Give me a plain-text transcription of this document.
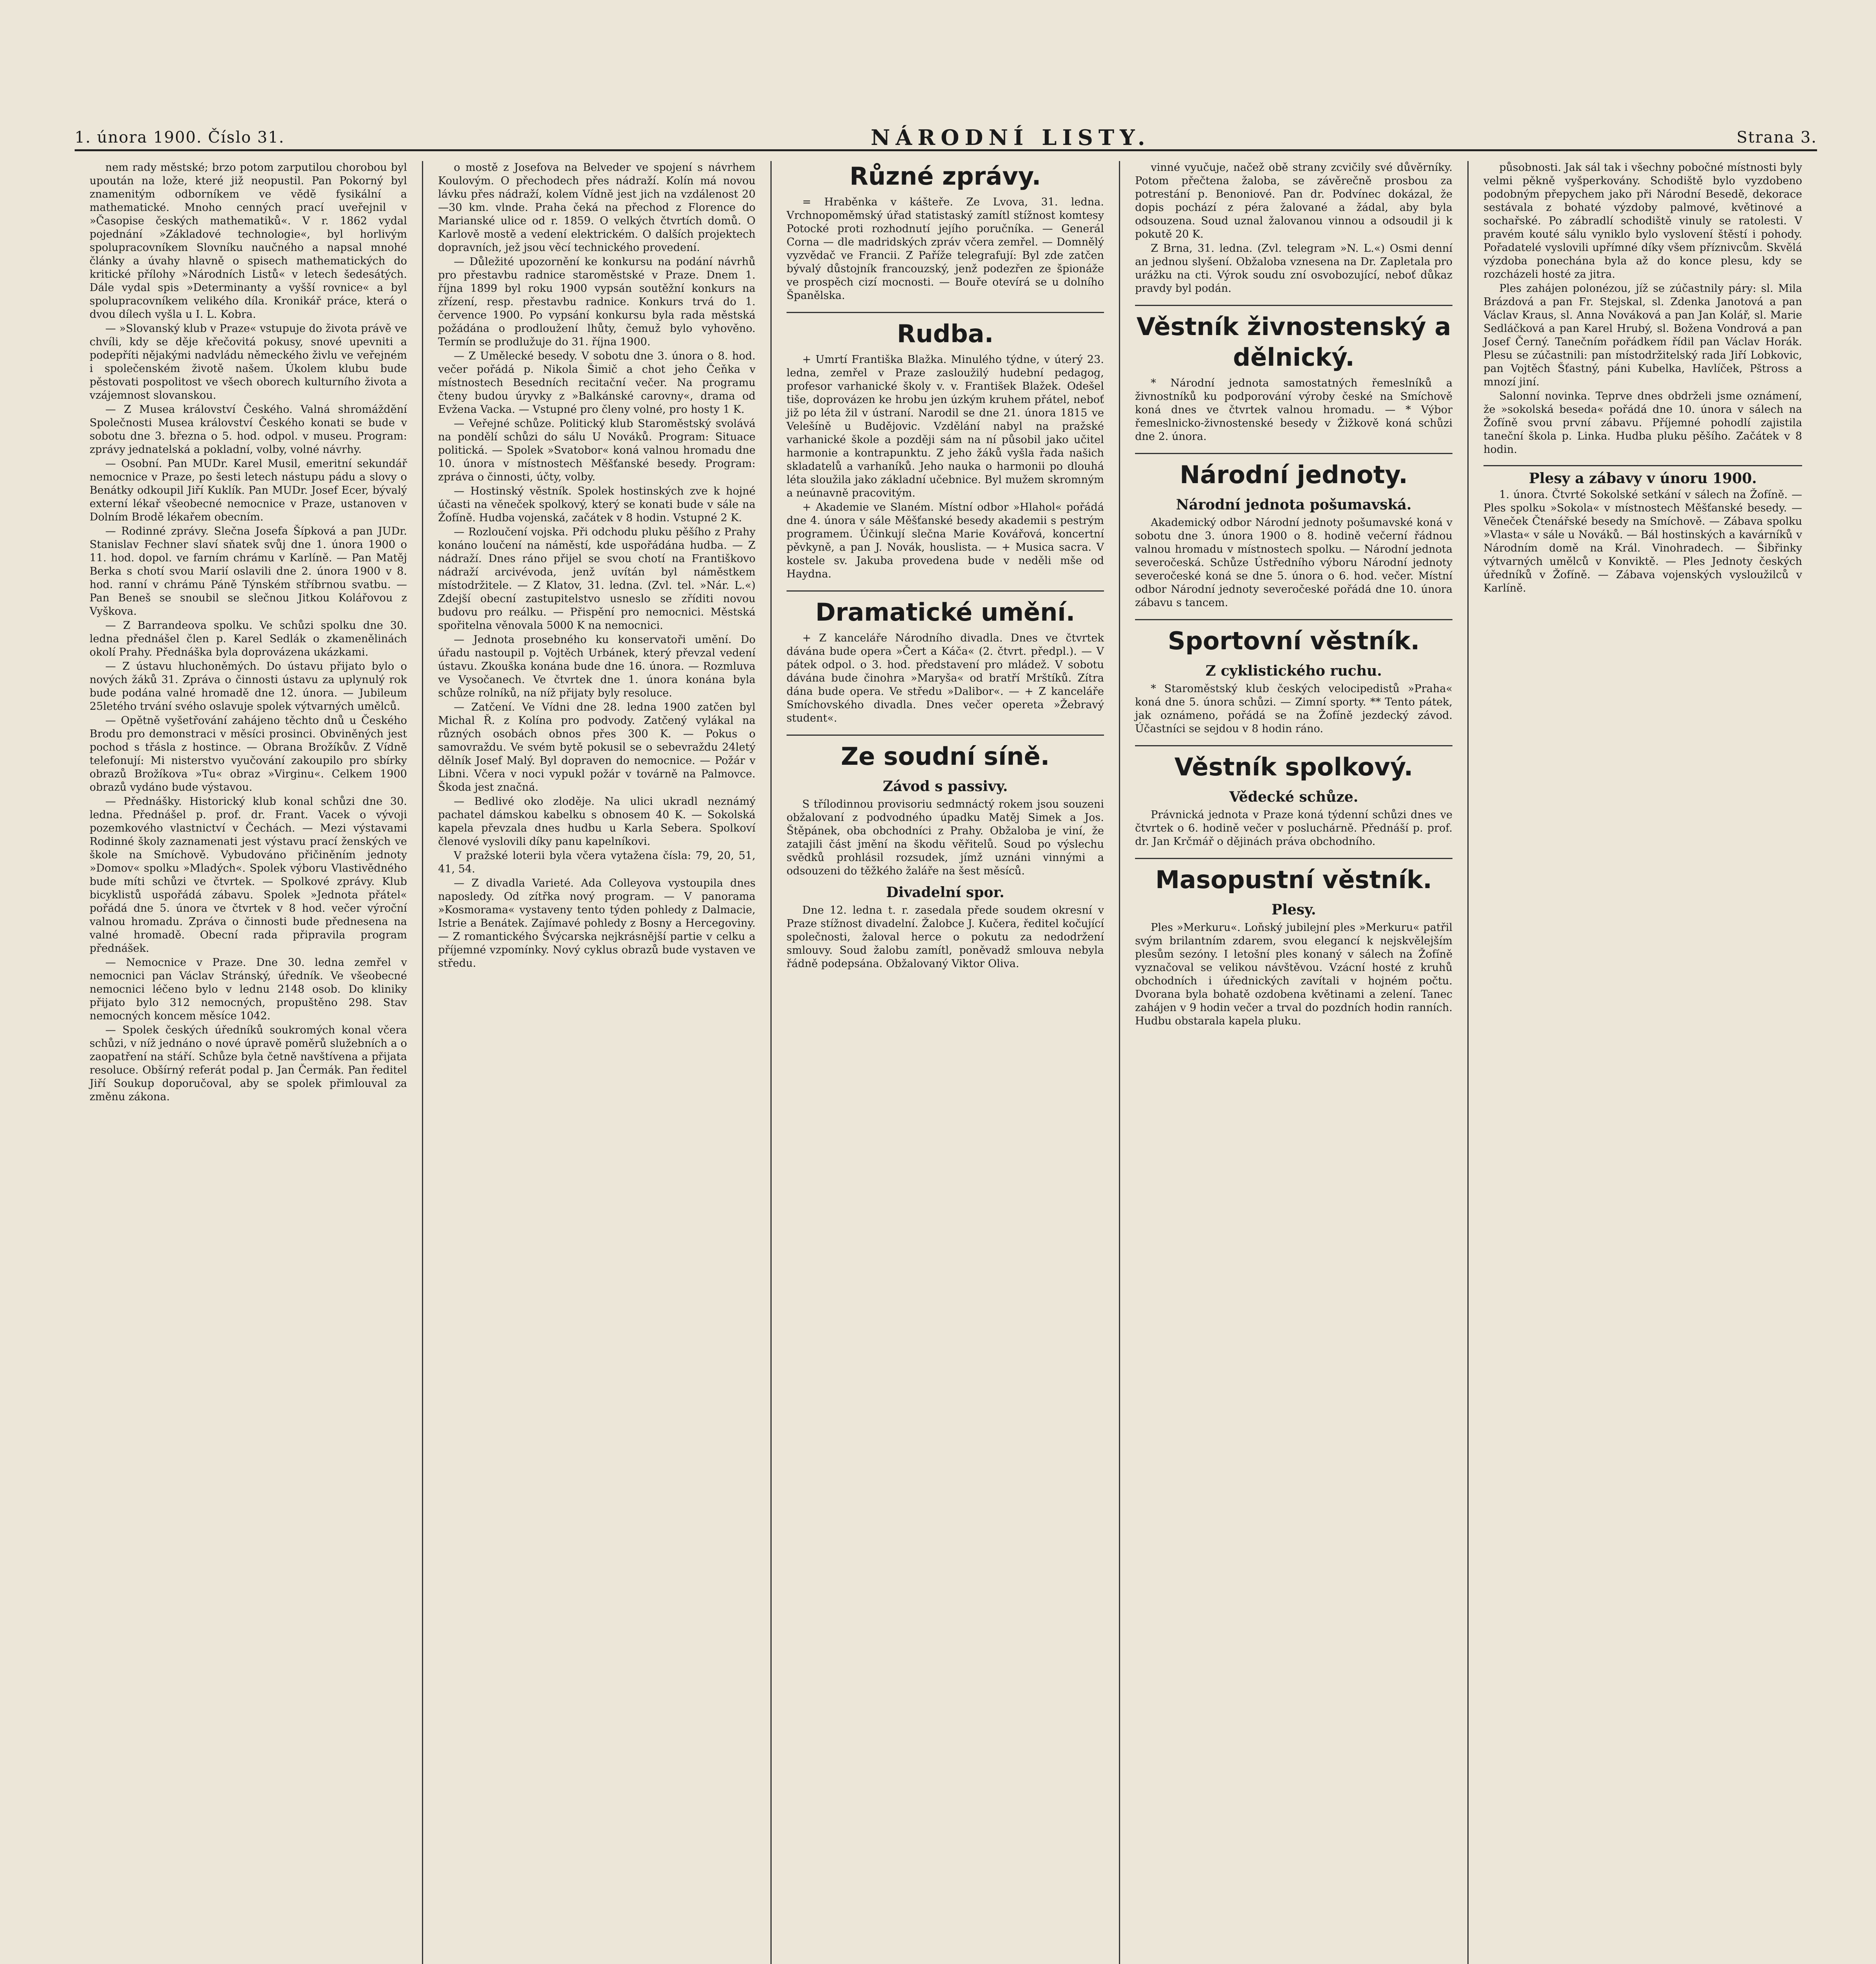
1. února 1900. Číslo 31.	NÁRODNÍ LISTY.	Strana 3.

nem rady městské; brzo potom zarputilou chorobou byl upoután na lože, které již neopustil. Pan Pokorný byl znamenitým odborníkem ve vědě fysikální a mathematické. Mnoho cenných prací uveřejnil v »Časopise českých mathematiků«. V r. 1862 vydal pojednání »Základové technologie«, byl horlivým spolupracovníkem Slovníku naučného a napsal mnohé články a úvahy hlavně o spisech mathematických do kritické přílohy »Národních Listů« v letech šedesátých. Dále vydal spis »Determinanty a vyšší rovnice« a byl spolupracovníkem velikého díla. Kronikář práce, která o dvou dílech vyšla u I. L. Kobra.

— »Slovanský klub v Praze« vstupuje do života právě ve chvíli, kdy se děje křečovitá pokusy, snové upevniti a podepříti nějakými nadvládu německého živlu ve veřejném i společenském životě našem. Úkolem klubu bude pěstovati pospolitost ve všech oborech kulturního života a vzájemnost slovanskou.

— Z Musea království Českého. Valná shromáždění Společnosti Musea království Českého konati se bude v sobotu dne 3. března o 5. hod. odpol. v museu. Program: zprávy jednatelská a pokladní, volby, volné návrhy.

— Osobní. Pan MUDr. Karel Musil, emeritní sekundář nemocnice v Praze, po šesti letech nástupu pádu a slovy o Benátky odkoupil Jiří Kuklík. Pan MUDr. Josef Ecer, bývalý externí lékař všeobecné nemocnice v Praze, ustanoven v Dolním Brodě lékařem obecním.

— Rodinné zprávy. Slečna Josefa Šípková a pan JUDr. Stanislav Fechner slaví sňatek svůj dne 1. února 1900 o 11. hod. dopol. ve farním chrámu v Karlíně. — Pan Matěj Berka s chotí svou Marií oslavili dne 2. února 1900 v 8. hod. ranní v chrámu Páně Týnském stříbrnou svatbu. — Pan Beneš se snoubil se slečnou Jitkou Kolářovou z Vyškova.

— Z Barrandeova spolku. Ve schůzi spolku dne 30. ledna přednášel člen p. Karel Sedlák o zkamenělinách okolí Prahy. Přednáška byla doprovázena ukázkami.

— Z ústavu hluchoněmých. Do ústavu přijato bylo o nových žáků 31. Zpráva o činnosti ústavu za uplynulý rok bude podána valné hromadě dne 12. února. — Jubileum 25letého trvání svého oslavuje spolek výtvarných umělců.

— Opětně vyšetřování zahájeno těchto dnů u Českého Brodu pro demonstraci v měsíci prosinci. Obviněných jest pochod s třásla z hostince. — Obrana Brožíkův. Z Vídně telefonují: Mi nisterstvo vyučování zakoupilo pro sbírky obrazů Brožíkova »Tu« obraz »Virginu«. Celkem 1900 obrazů vydáno bude výstavou.

— Přednášky. Historický klub konal schůzi dne 30. ledna. Přednášel p. prof. dr. Frant. Vacek o vývoji pozemkového vlastnictví v Čechách. — Mezi výstavami Rodinné školy zaznamenati jest výstavu prací ženských ve škole na Smíchově. Vybudováno přičiněním jednoty »Domov« spolku »Mladých«. Spolek výboru Vlastivědného bude míti schůzi ve čtvrtek. — Spolkové zprávy. Klub bicyklistů uspořádá zábavu. Spolek »Jednota přátel« pořádá dne 5. února ve čtvrtek v 8 hod. večer výroční valnou hromadu. Zpráva o činnosti bude přednesena na valné hromadě. Obecní rada připravila program přednášek.

— Nemocnice v Praze. Dne 30. ledna zemřel v nemocnici pan Václav Stránský, úředník. Ve všeobecné nemocnici léčeno bylo v lednu 2148 osob. Do kliniky přijato bylo 312 nemocných, propuštěno 298. Stav nemocných koncem měsíce 1042.

— Spolek českých úředníků soukromých konal včera schůzi, v níž jednáno o nové úpravě poměrů služebních a o zaopatření na stáří. Schůze byla četně navštívena a přijata resoluce. Obšírný referát podal p. Jan Čermák. Pan ředitel Jiří Soukup doporučoval, aby se spolek přimlouval za změnu zákona.

o mostě z Josefova na Belveder ve spojení s návrhem Koulovým. O přechodech přes nádraží. Kolín má novou lávku přes nádraží, kolem Vídně jest jich na vzdálenost 20—30 km. vlnde. Praha čeká na přechod z Florence do Marianské ulice od r. 1859. O velkých čtvrtích domů. O Karlově mostě a vedení elektrickém. O dalších projektech dopravních, jež jsou věcí technického provedení.

— Důležité upozornění ke konkursu na podání návrhů pro přestavbu radnice staroměstské v Praze. Dnem 1. října 1899 byl roku 1900 vypsán soutěžní konkurs na zřízení, resp. přestavbu radnice. Konkurs trvá do 1. července 1900. Po vypsání konkursu byla rada městská požádána o prodloužení lhůty, čemuž bylo vyhověno. Termín se prodlužuje do 31. října 1900.

— Z Umělecké besedy. V sobotu dne 3. února o 8. hod. večer pořádá p. Nikola Šimič a chot jeho Čeňka v místnostech Besedních recitační večer. Na programu čteny budou úryvky z »Balkánské carovny«, drama od Evžena Vacka. — Vstupné pro členy volné, pro hosty 1 K.

— Veřejné schůze. Politický klub Staroměstský svolává na pondělí schůzi do sálu U Nováků. Program: Situace politická. — Spolek »Svatobor« koná valnou hromadu dne 10. února v místnostech Měšťanské besedy. Program: zpráva o činnosti, účty, volby.

— Hostinský věstník. Spolek hostinských zve k hojné účasti na věneček spolkový, který se konati bude v sále na Žofíně. Hudba vojenská, začátek v 8 hodin. Vstupné 2 K.

— Rozloučení vojska. Při odchodu pluku pěšího z Prahy konáno loučení na náměstí, kde uspořádána hudba. — Z nádraží. Dnes ráno přijel se svou chotí na Františkovo nádraží arcivévoda, jenž uvítán byl náměstkem místodržitele. — Z Klatov, 31. ledna. (Zvl. tel. »Nár. L.«) Zdejší obecní zastupitelstvo usneslo se zříditi novou budovu pro reálku. — Přispění pro nemocnici. Městská spořitelna věnovala 5000 K na nemocnici.

— Jednota prosebného ku konservatoři umění. Do úřadu nastoupil p. Vojtěch Urbánek, který převzal vedení ústavu. Zkouška konána bude dne 16. února. — Rozmluva ve Vysočanech. Ve čtvrtek dne 1. února konána byla schůze rolníků, na níž přijaty byly resoluce.

— Zatčení. Ve Vídni dne 28. ledna 1900 zatčen byl Michal Ř. z Kolína pro podvody. Zatčený vylákal na různých osobách obnos přes 300 K. — Pokus o samovraždu. Ve svém bytě pokusil se o sebevraždu 24letý dělník Josef Malý. Byl dopraven do nemocnice. — Požár v Libni. Včera v noci vypukl požár v továrně na Palmovce. Škoda jest značná.

— Bedlivé oko zloděje. Na ulici ukradl neznámý pachatel dámskou kabelku s obnosem 40 K. — Sokolská kapela převzala dnes hudbu u Karla Sebera. Spolkoví členové vyslovili díky panu kapelníkovi.

V pražské loterii byla včera vytažena čísla: 79, 20, 51, 41, 54.

— Z divadla Varieté. Ada Colleyova vystoupila dnes naposledy. Od zítřka nový program. — V panorama »Kosmorama« vystaveny tento týden pohledy z Dalmacie, Istrie a Benátek. Zajímavé pohledy z Bosny a Hercegoviny. — Z romantického Švýcarska nejkrásnější partie v celku a příjemné vzpomínky. Nový cyklus obrazů bude vystaven ve středu.

Různé zprávy.

= Hraběnka v kášteře. Ze Lvova, 31. ledna. Vrchnopoměmský úřad statistaský zamítl stížnost komtesy Potocké proti rozhodnutí jejího poručníka. — Generál Corna — dle madridských zpráv včera zemřel. — Domnělý vyzvědač ve Francii. Z Paříže telegrafují: Byl zde zatčen bývalý důstojník francouzský, jenž podezřen ze špionáže ve prospěch cizí mocnosti. — Bouře otevírá se u dolního Španělska.

Rudba.

+ Umrtí Františka Blažka. Minulého týdne, v úterý 23. ledna, zemřel v Praze zasloužilý hudební pedagog, profesor varhanické školy v. v. František Blažek. Odešel tiše, doprovázen ke hrobu jen úzkým kruhem přátel, neboť již po léta žil v ústraní. Narodil se dne 21. února 1815 ve Velešíně u Budějovic. Vzdělání nabyl na pražské varhanické škole a později sám na ní působil jako učitel harmonie a kontrapunktu. Z jeho žáků vyšla řada našich skladatelů a varhaníků. Jeho nauka o harmonii po dlouhá léta sloužila jako základní učebnice. Byl mužem skromným a neúnavně pracovitým.

+ Akademie ve Slaném. Místní odbor »Hlahol« pořádá dne 4. února v sále Měšťanské besedy akademii s pestrým programem. Účinkují slečna Marie Kovářová, koncertní pěvkyně, a pan J. Novák, houslista. — + Musica sacra. V kostele sv. Jakuba provedena bude v neděli mše od Haydna.

Dramatické umění.

+ Z kanceláře Národního divadla. Dnes ve čtvrtek dávána bude opera »Čert a Káča« (2. čtvrt. předpl.). — V pátek odpol. o 3. hod. představení pro mládež. V sobotu dávána bude činohra »Maryša« od bratří Mrštíků. Zítra dána bude opera. Ve středu »Dalibor«. — + Z kanceláře Smíchovského divadla. Dnes večer opereta »Žebravý student«.

Ze soudní síně.
Závod s passivy.

S třílodinnou provisoriu sedmnáctý rokem jsou souzeni obžalovaní z podvodného úpadku Matěj Simek a Jos. Štěpánek, oba obchodníci z Prahy. Obžaloba je viní, že zatajili část jmění na škodu věřitelů. Soud po výslechu svědků prohlásil rozsudek, jímž uznáni vinnými a odsouzeni do těžkého žaláře na šest měsíců.

Divadelní spor.

Dne 12. ledna t. r. zasedala přede soudem okresní v Praze stížnost divadelní. Žalobce J. Kučera, ředitel kočující společnosti, žaloval herce o pokutu za nedodržení smlouvy. Soud žalobu zamítl, poněvadž smlouva nebyla řádně podepsána. Obžalovaný Viktor Oliva.

vinné vyučuje, načež obě strany zcvičily své důvěrníky. Potom přečtena žaloba, se závěrečně prosbou za potrestání p. Benoniové. Pan dr. Podvínec dokázal, že dopis pochází z péra žalované a žádal, aby byla odsouzena. Soud uznal žalovanou vinnou a odsoudil ji k pokutě 20 K.

Z Brna, 31. ledna. (Zvl. telegram »N. L.«) Osmi denní an jednou slyšení. Obžaloba vznesena na Dr. Zapletala pro urážku na cti. Výrok soudu zní osvobozující, neboť důkaz pravdy byl podán.

Věstník živnostenský a dělnický.

* Národní jednota samostatných řemeslníků a živnostníků ku podporování výroby české na Smíchově koná dnes ve čtvrtek valnou hromadu. — * Výbor řemeslnicko-živnostenské besedy v Žižkově koná schůzi dne 2. února.

Národní jednoty.
Národní jednota pošumavská.

Akademický odbor Národní jednoty pošumavské koná v sobotu dne 3. února 1900 o 8. hodině večerní řádnou valnou hromadu v místnostech spolku. — Národní jednota severočeská. Schůze Ústředního výboru Národní jednoty severočeské koná se dne 5. února o 6. hod. večer. Místní odbor Národní jednoty severočeské pořádá dne 10. února zábavu s tancem.

Sportovní věstník.
Z cyklistického ruchu.

* Staroměstský klub českých velocipedistů »Praha« koná dne 5. února schůzi. — Zimní sporty. ** Tento pátek, jak oznámeno, pořádá se na Žofíně jezdecký závod. Účastníci se sejdou v 8 hodin ráno.

Věstník spolkový.
Vědecké schůze.

Právnická jednota v Praze koná týdenní schůzi dnes ve čtvrtek o 6. hodině večer v posluchárně. Přednáší p. prof. dr. Jan Krčmář o dějinách práva obchodního.

Masopustní věstník.
Plesy.

Ples »Merkuru«. Loňský jubilejní ples »Merkuru« patřil svým brilantním zdarem, svou elegancí k nejskvělejším plesům sezóny. I letošní ples konaný v sálech na Žofíně vyznačoval se velikou návštěvou. Vzácní hosté z kruhů obchodních i úřednických zavítali v hojném počtu. Dvorana byla bohatě ozdobena květinami a zelení. Tanec zahájen v 9 hodin večer a trval do pozdních hodin ranních. Hudbu obstarala kapela pluku.

působnosti. Jak sál tak i všechny pobočné místnosti byly velmi pěkně vyšperkovány. Schodiště bylo vyzdobeno podobným přepychem jako při Národní Besedě, dekorace sestávala z bohaté výzdoby palmové, květinové a sochařské. Po zábradlí schodiště vinuly se ratolesti. V pravém kouté sálu vyniklo bylo vyslovení štěstí i pohody. Pořadatelé vyslovili upřímné díky všem příznivcům. Skvělá výzdoba ponechána byla až do konce plesu, kdy se rozcházeli hosté za jitra.

Ples zahájen polonézou, jíž se zúčastnily páry: sl. Mila Brázdová a pan Fr. Stejskal, sl. Zdenka Janotová a pan Václav Kraus, sl. Anna Nováková a pan Jan Kolář, sl. Marie Sedláčková a pan Karel Hrubý, sl. Božena Vondrová a pan Josef Černý. Tanečním pořádkem řídil pan Václav Horák. Plesu se zúčastnili: pan místodržitelský rada Jiří Lobkovic, pan Vojtěch Šťastný, páni Kubelka, Havlíček, Pštross a mnozí jiní.

Salonní novinka. Teprve dnes obdrželi jsme oznámení, že »sokolská beseda« pořádá dne 10. února v sálech na Žofíně svou první zábavu. Příjemné pohodlí zajistila taneční škola p. Linka. Hudba pluku pěšího. Začátek v 8 hodin.

Plesy a zábavy v únoru 1900.

1. února. Čtvrté Sokolské setkání v sálech na Žofíně. — Ples spolku »Sokola« v místnostech Měšťanské besedy. — Věneček Čtenářské besedy na Smíchově. — Zábava spolku »Vlasta« v sále u Nováků. — Bál hostinských a kavárníků v Národním domě na Král. Vinohradech. — Šibřinky výtvarných umělců v Konviktě. — Ples Jednoty českých úředníků v Žofíně. — Zábava vojenských vysloužilců v Karlíně.
